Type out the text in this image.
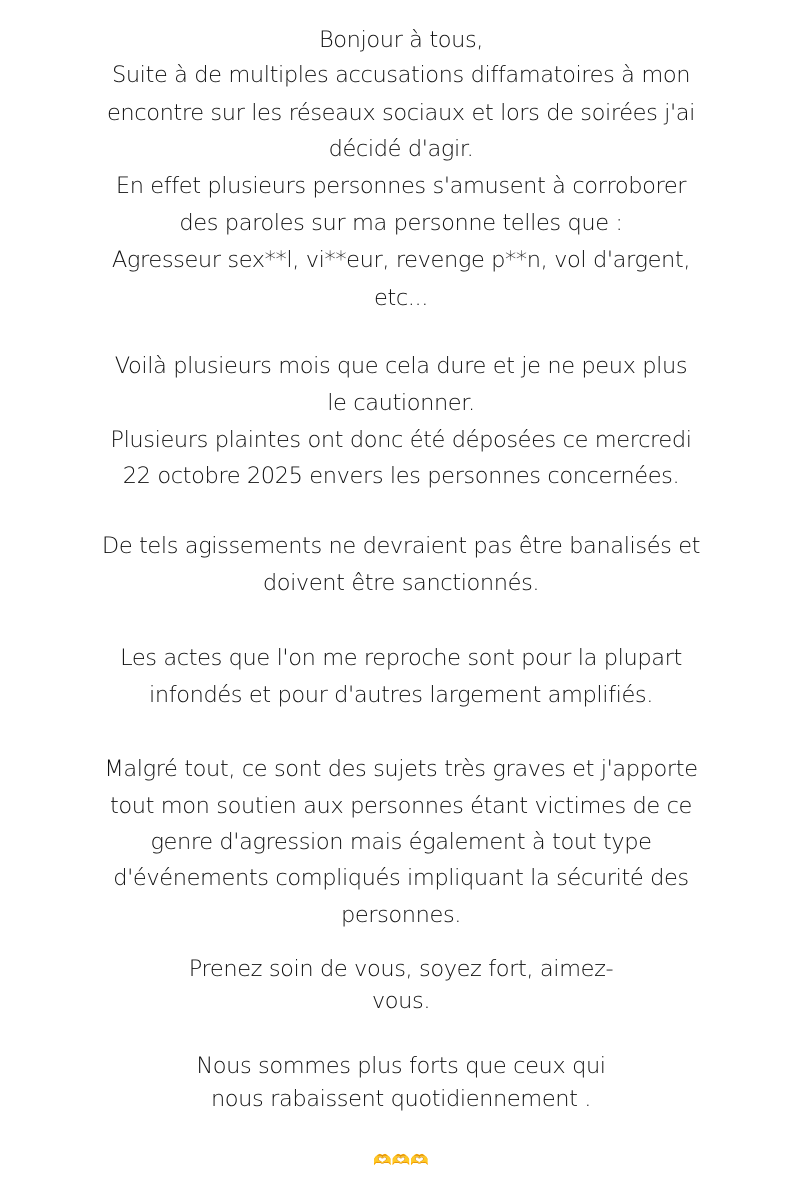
Bonjour à tous,
Suite à de multiples accusations diffamatoires à mon
encontre sur les réseaux sociaux et lors de soirées j'ai
décidé d'agir.
En effet plusieurs personnes s'amusent à corroborer
des paroles sur ma personne telles que :
Agresseur sex**l, vi**eur, revenge p**n, vol d'argent,
etc...
Voilà plusieurs mois que cela dure et je ne peux plus
le cautionner.
Plusieurs plaintes ont donc été déposées ce mercredi
22 octobre 2025 envers les personnes concernées.
De tels agissements ne devraient pas être banalisés et
doivent être sanctionnés.
Les actes que l'on me reproche sont pour la plupart
infondés et pour d'autres largement amplifiés.
Malgré tout, ce sont des sujets très graves et j'apporte
tout mon soutien aux personnes étant victimes de ce
genre d'agression mais également à tout type
d'événements compliqués impliquant la sécurité des
personnes.
Prenez soin de vous, soyez fort, aimez-
vous.
Nous sommes plus forts que ceux qui
nous rabaissent quotidiennement .
🫶🫶🫶
